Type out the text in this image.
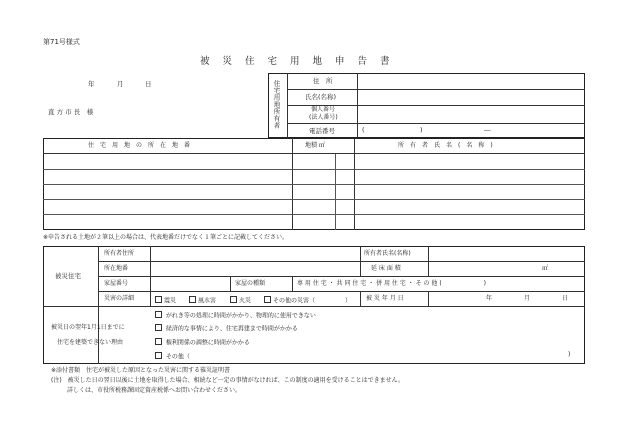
第71号様式
被災住宅用地申告書
年	月	日
直 方 市 長　様	住宅用地所有者	住　所
氏名(名称)
個人番号
(法人番号)
電話番号	(	)	―
住　宅　用　地　の　所　在　地　番	地積 ㎡	所　有　者　氏　名　(　名　称　)
※申告される土地が２筆以上の場合は、代表地番だけでなく１筆ごとに記載してください。
被災住宅
所有者住所	所有者氏名(名称)
所在地番	延 床 面 積	㎡
家屋番号	家屋の種類	専 用 住 宅 ・ 共 同 住 宅 ・ 併 用 住 宅 ・ そ の 他 (　　　　　　　)
災害の詳細	震災	風水害	火災	その他の災害（　　　　　） 被 災 年 月 日	年	月	日
被災日の翌年1月1日までに
住宅を建築できない理由
がれき等の処理に時間がかかり、物理的に使用できない
経済的な事情により、住宅再建まで時間がかかる
権利関係の調整に時間がかかる
その他（	)
※添付書類　住宅が被災した原因となった災害に関する罹災証明書
(注)　被災した日の翌日以後に土地を取得した場合、相続など一定の事情がなければ、この制度の適用を受けることはできません。
詳しくは、市役所税務課固定資産税係へお問い合わせください。
